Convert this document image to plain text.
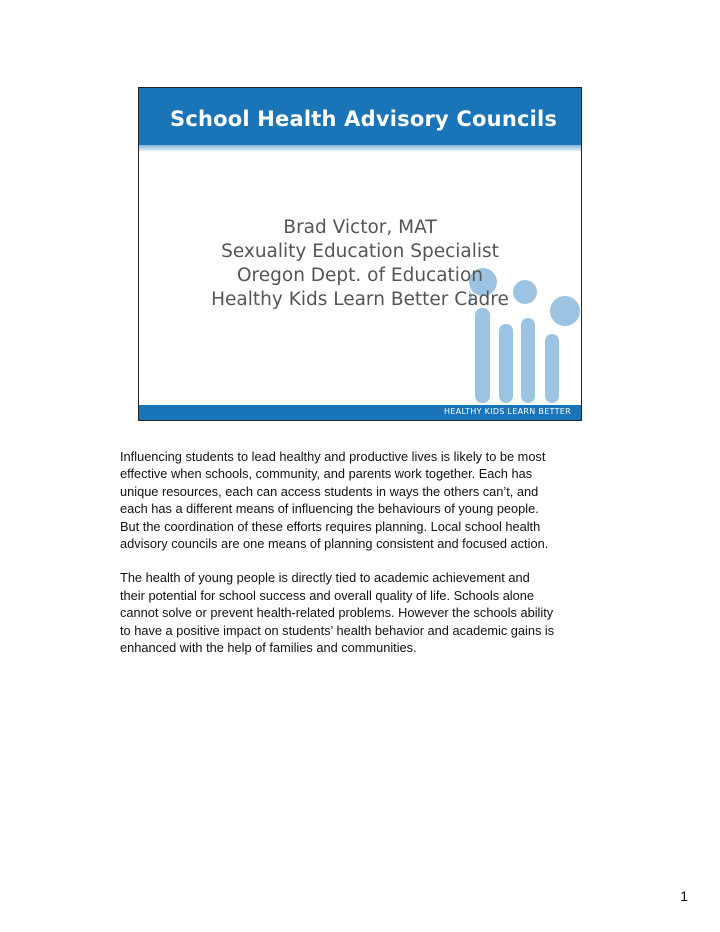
School Health Advisory Councils
Brad Victor, MAT
Sexuality Education Specialist
Oregon Dept. of Education
Healthy Kids Learn Better Cadre
HEALTHY KIDS LEARN BETTER

Influencing students to lead healthy and productive lives is likely to be most
effective when schools, community, and parents work together. Each has
unique resources, each can access students in ways the others can’t, and
each has a different means of influencing the behaviours of young people.
But the coordination of these efforts requires planning. Local school health
advisory councils are one means of planning consistent and focused action.

The health of young people is directly tied to academic achievement and
their potential for school success and overall quality of life. Schools alone
cannot solve or prevent health-related problems. However the schools ability
to have a positive impact on students’ health behavior and academic gains is
enhanced with the help of families and communities.

1
